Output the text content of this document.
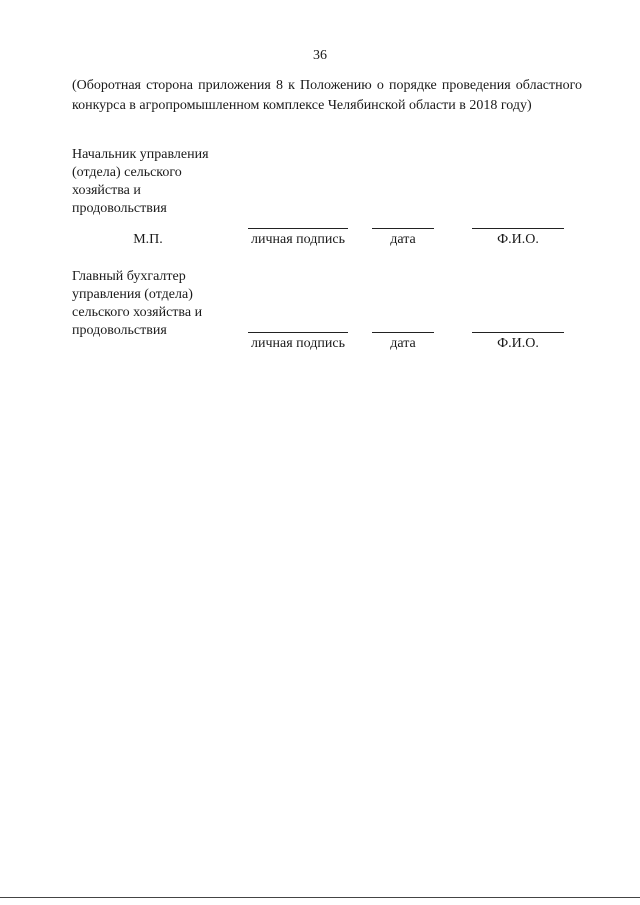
36
(Оборотная сторона приложения 8 к Положению о порядке проведения областного конкурса в агропромышленном комплексе Челябинской области в 2018 году)
Начальник управления
(отдела) сельского
хозяйства и
продовольствия
М.П.	личная подпись	дата	Ф.И.О.
Главный бухгалтер
управления (отдела)
сельского хозяйства и
продовольствия
личная подпись	дата	Ф.И.О.
